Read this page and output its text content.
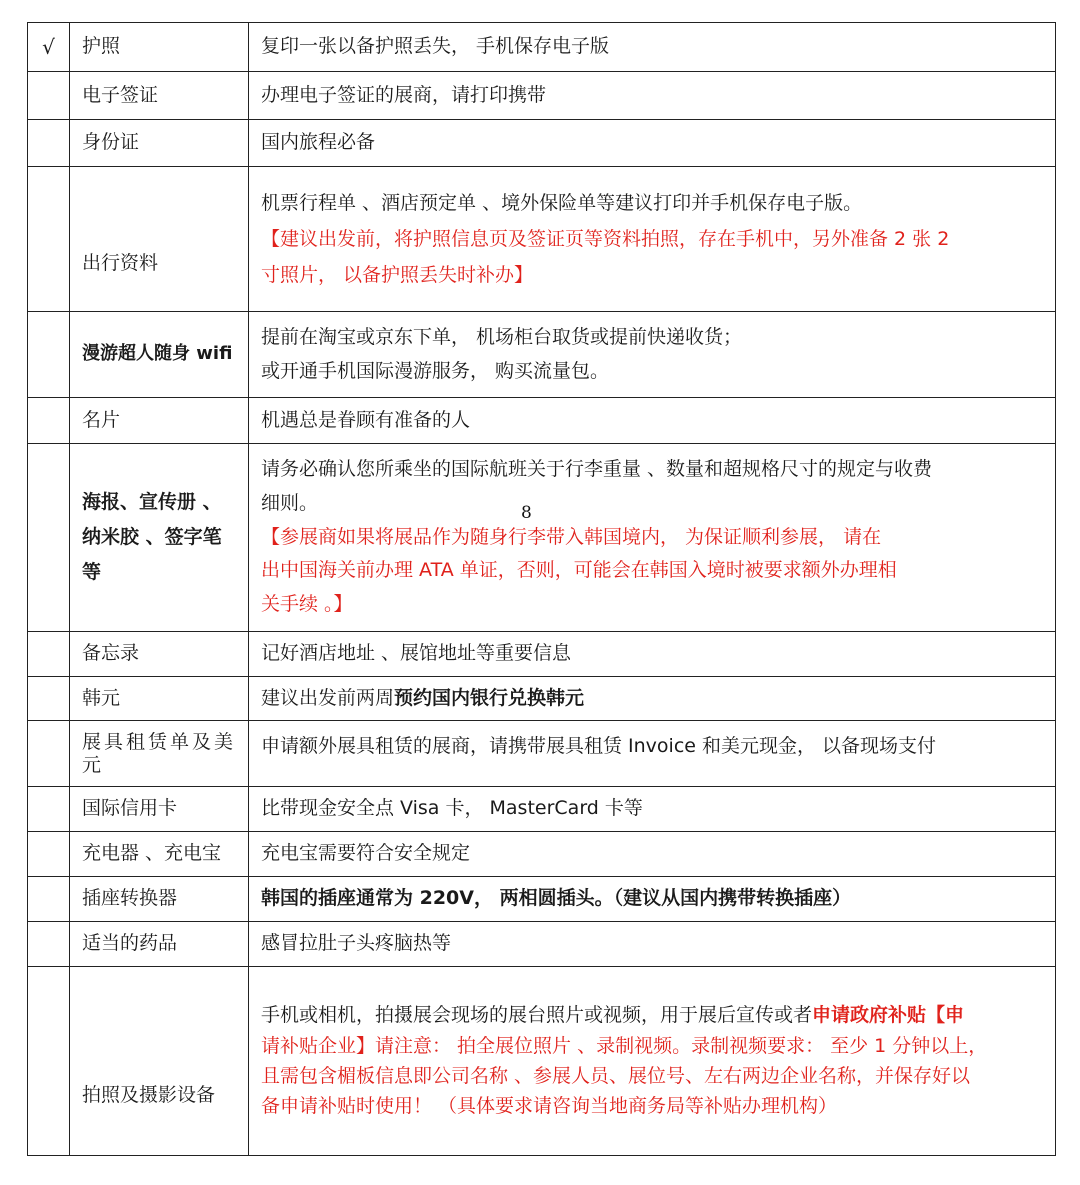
√	护照	复印一张以备护照丢失， 手机保存电子版
	电子签证	办理电子签证的展商，请打印携带
	身份证	国内旅程必备
	出行资料	机票行程单 、酒店预定单 、境外保险单等建议打印并手机保存电子版。
【建议出发前，将护照信息页及签证页等资料拍照，存在手机中，另外准备 2 张 2
寸照片， 以备护照丢失时补办】

	漫游超人随身 wifi	提前在淘宝或京东下单， 机场柜台取货或提前快递收货；
或开通手机国际漫游服务， 购买流量包。

	名片	机遇总是眷顾有准备的人

	海报、宣传册 、
纳米胶 、签字笔
等	请务必确认您所乘坐的国际航班关于行李重量 、数量和超规格尺寸的规定与收费
细则。
【参展商如果将展品作为随身行李带入韩国境内， 为保证顺利参展， 请在
出中国海关前办理 ATA 单证，否则，可能会在韩国入境时被要求额外办理相
关手续 。】

	备忘录	记好酒店地址 、展馆地址等重要信息
	韩元	建议出发前两周预约国内银行兑换韩元

	展具租赁单及美
元	申请额外展具租赁的展商，请携带展具租赁 Invoice 和美元现金， 以备现场支付
	国际信用卡	比带现金安全点 Visa 卡， MasterCard 卡等
	充电器 、充电宝	充电宝需要符合安全规定
	插座转换器	韩国的插座通常为 220V， 两相圆插头。（建议从国内携带转换插座）
	适当的药品	感冒拉肚子头疼脑热等
	拍照及摄影设备	手机或相机，拍摄展会现场的展台照片或视频，用于展后宣传或者申请政府补贴【申
请补贴企业】请注意： 拍全展位照片 、录制视频。录制视频要求： 至少 1 分钟以上，
且需包含楣板信息即公司名称 、参展人员、展位号、左右两边企业名称，并保存好以
备申请补贴时使用！ （具体要求请咨询当地商务局等补贴办理机构）
8
